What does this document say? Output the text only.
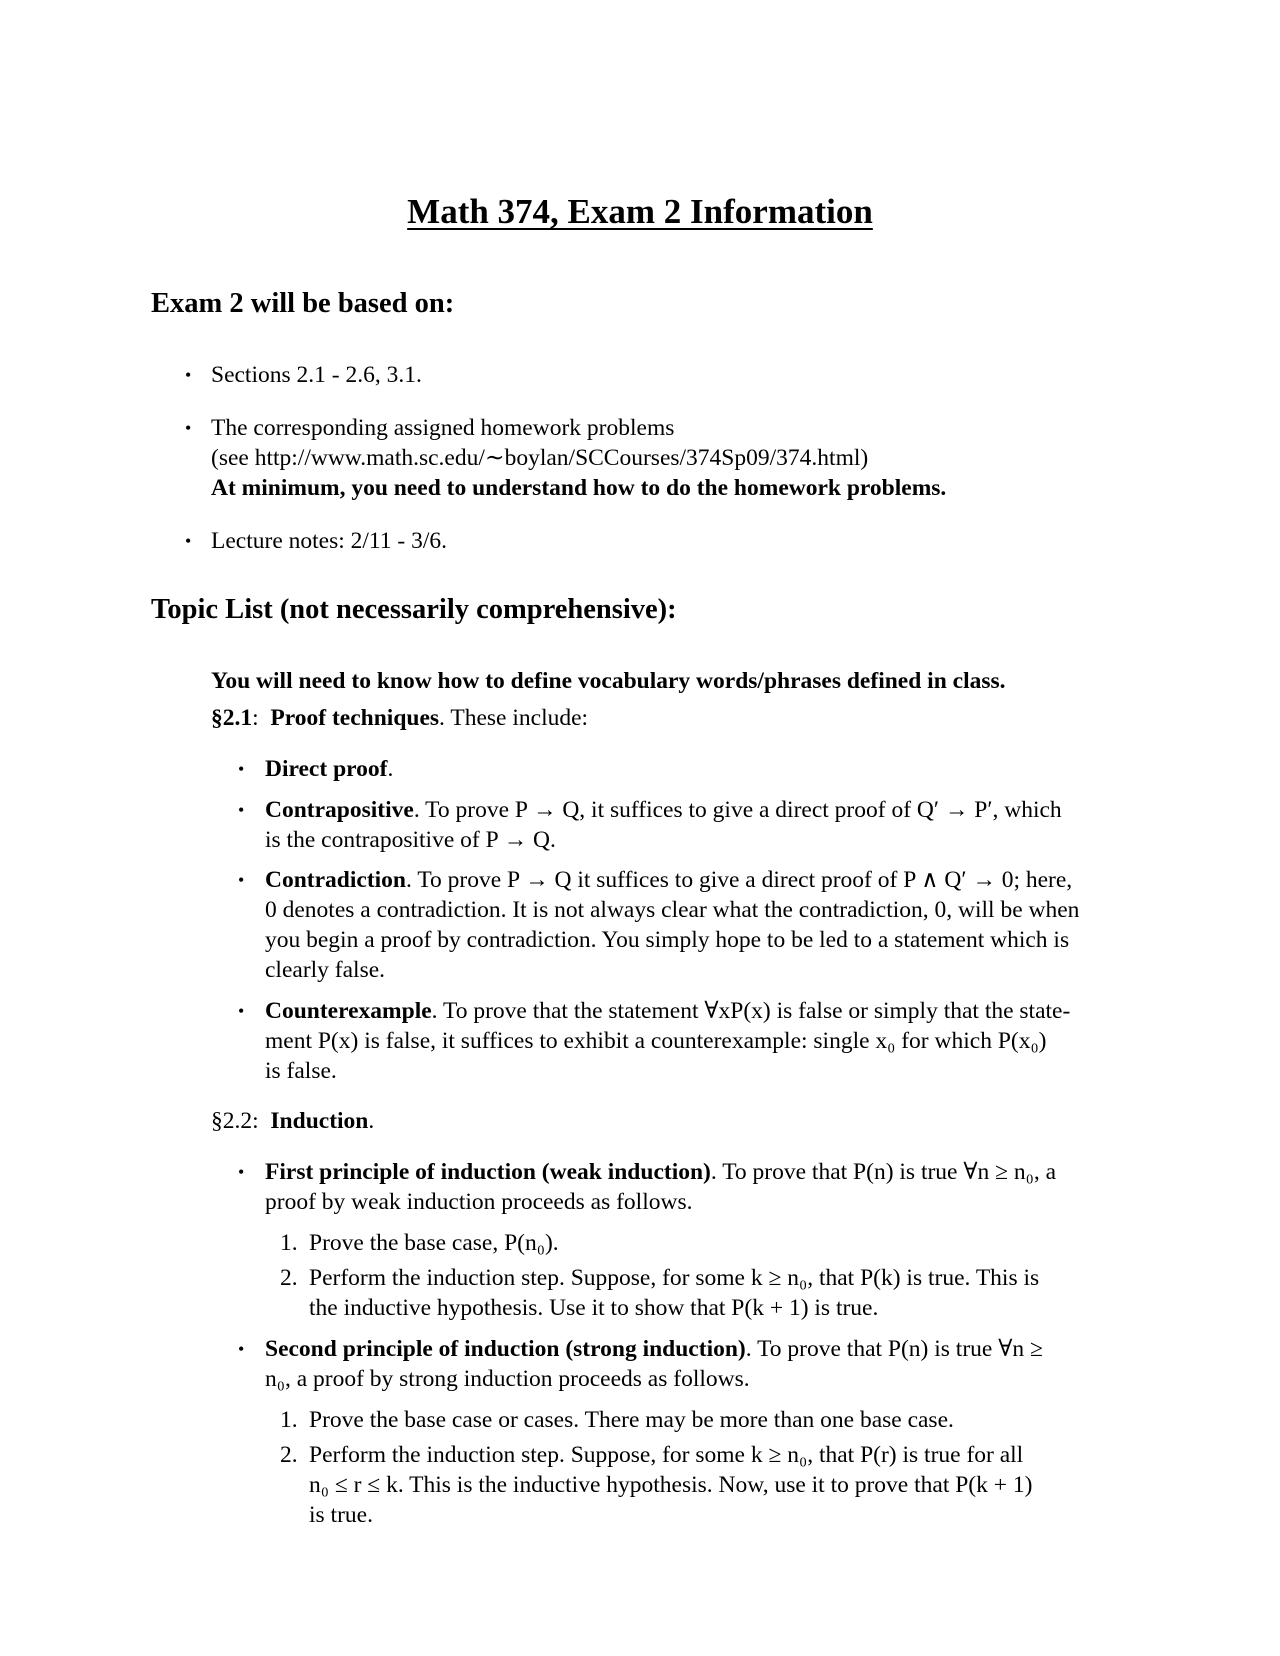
Math 374, Exam 2 Information
Exam 2 will be based on:
• Sections 2.1 - 2.6, 3.1.
• The corresponding assigned homework problems
(see http://www.math.sc.edu/∼boylan/SCCourses/374Sp09/374.html)
At minimum, you need to understand how to do the homework problems.
• Lecture notes: 2/11 - 3/6.
Topic List (not necessarily comprehensive):
You will need to know how to define vocabulary words/phrases defined in class.
§2.1: Proof techniques. These include:
• Direct proof.
• Contrapositive. To prove P → Q, it suffices to give a direct proof of Q′ → P′, which
is the contrapositive of P → Q.
• Contradiction. To prove P → Q it suffices to give a direct proof of P ∧ Q′ → 0; here,
0 denotes a contradiction. It is not always clear what the contradiction, 0, will be when
you begin a proof by contradiction. You simply hope to be led to a statement which is
clearly false.
• Counterexample. To prove that the statement ∀xP(x) is false or simply that the state-
ment P(x) is false, it suffices to exhibit a counterexample: single x₀ for which P(x₀)
is false.
§2.2: Induction.
• First principle of induction (weak induction). To prove that P(n) is true ∀n ≥ n₀, a
proof by weak induction proceeds as follows.
1. Prove the base case, P(n₀).
2. Perform the induction step. Suppose, for some k ≥ n₀, that P(k) is true. This is
the inductive hypothesis. Use it to show that P(k + 1) is true.
• Second principle of induction (strong induction). To prove that P(n) is true ∀n ≥
n₀, a proof by strong induction proceeds as follows.
1. Prove the base case or cases. There may be more than one base case.
2. Perform the induction step. Suppose, for some k ≥ n₀, that P(r) is true for all
n₀ ≤ r ≤ k. This is the inductive hypothesis. Now, use it to prove that P(k + 1)
is true.
